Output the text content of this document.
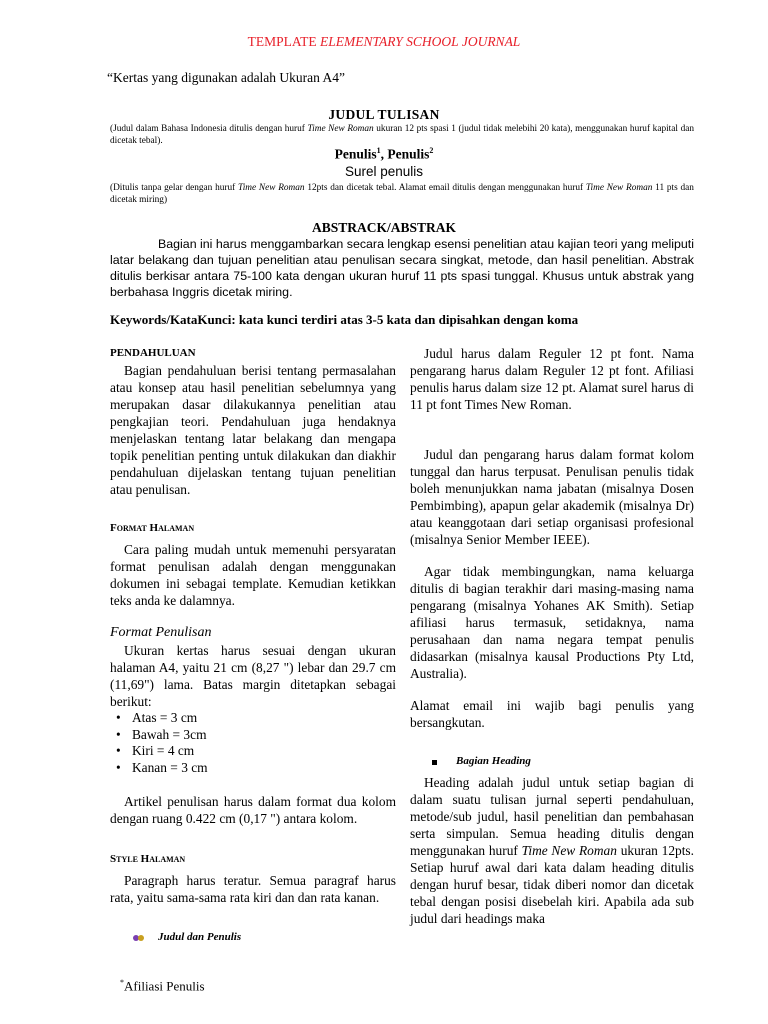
TEMPLATE ELEMENTARY SCHOOL JOURNAL
“Kertas yang digunakan adalah Ukuran A4”
JUDUL TULISAN
(Judul dalam Bahasa Indonesia ditulis dengan huruf Time New Roman ukuran 12 pts spasi 1 (judul tidak melebihi 20 kata), menggunakan huruf kapital dan dicetak tebal).
Penulis$^1$, Penulis$^2$
Surel penulis
(Ditulis tanpa gelar dengan huruf Time New Roman 12pts dan dicetak tebal. Alamat email ditulis dengan menggunakan huruf Time New Roman 11 pts dan dicetak miring)
ABSTRACK/ABSTRAK
Bagian ini harus menggambarkan secara lengkap esensi penelitian atau kajian teori yang meliputi latar belakang dan tujuan penelitian atau penulisan secara singkat, metode, dan hasil penelitian. Abstrak ditulis berkisar antara 75-100 kata dengan ukuran huruf 11 pts spasi tunggal. Khusus untuk abstrak yang berbahasa Inggris dicetak miring.
Keywords/KataKunci: kata kunci terdiri atas 3-5 kata dan dipisahkan dengan koma
PENDAHULUAN
Bagian pendahuluan berisi tentang permasalahan atau konsep atau hasil penelitian sebelumnya yang merupakan dasar dilakukannya penelitian atau pengkajian teori. Pendahuluan juga hendaknya menjelaskan tentang latar belakang dan mengapa topik penelitian penting untuk dilakukan dan diakhir pendahuluan dijelaskan tentang tujuan penelitian atau penulisan.
Format Halaman
Cara paling mudah untuk memenuhi persyaratan format penulisan adalah dengan menggunakan dokumen ini sebagai template. Kemudian ketikkan teks anda ke dalamnya.
Format Penulisan
Ukuran kertas harus sesuai dengan ukuran halaman A4, yaitu 21 cm (8,27 ") lebar dan 29.7 cm (11,69") lama. Batas margin ditetapkan sebagai berikut:
• Atas = 3 cm
• Bawah = 3cm
• Kiri = 4 cm
• Kanan = 3 cm
Artikel penulisan harus dalam format dua kolom dengan ruang 0.422 cm (0,17 ") antara kolom.
Style Halaman
Paragraph harus teratur. Semua paragraf harus rata, yaitu sama-sama rata kiri dan dan rata kanan.
Judul dan Penulis
Judul harus dalam Reguler 12 pt font. Nama pengarang harus dalam Reguler 12 pt font. Afiliasi penulis harus dalam size 12 pt. Alamat surel harus di 11 pt font Times New Roman.
Judul dan pengarang harus dalam format kolom tunggal dan harus terpusat. Penulisan penulis tidak boleh menunjukkan nama jabatan (misalnya Dosen Pembimbing), apapun gelar akademik (misalnya Dr) atau keanggotaan dari setiap organisasi profesional (misalnya Senior Member IEEE).
Agar tidak membingungkan, nama keluarga ditulis di bagian terakhir dari masing-masing nama pengarang (misalnya Yohanes AK Smith). Setiap afiliasi harus termasuk, setidaknya, nama perusahaan dan nama negara tempat penulis didasarkan (misalnya kausal Productions Pty Ltd, Australia).
Alamat email ini wajib bagi penulis yang bersangkutan.
Bagian Heading
Heading adalah judul untuk setiap bagian di dalam suatu tulisan jurnal seperti pendahuluan, metode/sub judul, hasil penelitian dan pembahasan serta simpulan. Semua heading ditulis dengan menggunakan huruf Time New Roman ukuran 12pts. Setiap huruf awal dari kata dalam heading ditulis dengan huruf besar, tidak diberi nomor dan dicetak tebal dengan posisi disebelah kiri. Apabila ada sub judul dari headings maka
*Afiliasi Penulis
